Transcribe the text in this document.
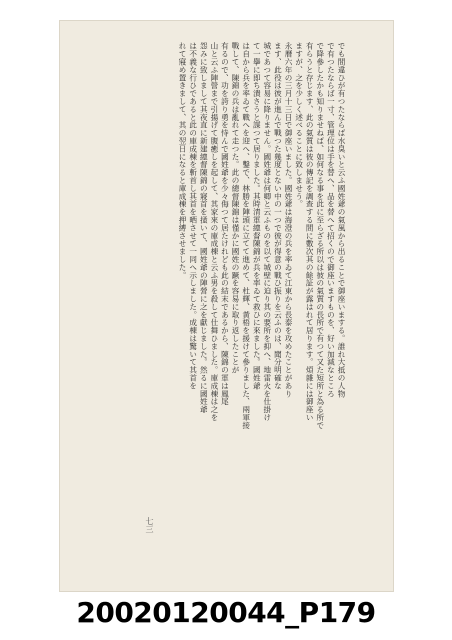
七三
でも間違ひが有つたならば水臭いと云ふ國姓爺の氣風から出ることで御座いまする。誰れ大抵の人物
で有つたならば一寸、管理位は手を替へ、品を替へて招くので御座いますものを、好い加減なところ
で降參したかも知りませねば、如何なる事を此に至らざる所以は彼の氣質の長所で有つて又た短所と為る所で
有らうと存じます、此の氣質は彼の傳記を調查する間に數次其の餘証が露はれて居ります。煩雜には御座い
ますが、之を少しく述べることに致しませう。
永曆六年の三月十三日で御座いました。國姓爺は海澄の兵を率ゐて江東から長泰を攻めたことがあり
ます、此役は彼が進んで戰つた幾度とない中の一つで彼が得意の戰ひ振りを云ふのは、聞分明確な
城であつて容易に降りません。國姓爺は何卿と云ふものを以て城壁に迫り其の要所を抑へ、地雷火を仕掛け
て一擧に即ち潰さうと謀つて居りました。其時清軍總督陳錦が兵を率ゐて救ひに來ました。國姓爺
は自から兵を率ゐて戰へを迎へ、鑿で、林勝を陣頭に立てて進めて、杜輝、黃梧を援けて參りました、兩軍接
戰して、陳錦の兵は亂れて走つた。此の總督陳錦は僅かに國姓の蹶を容易に取り返したことが
有るので、功を誇り勇を恃んで國姓爺を少々侮つて居たけれども此の結末であるから、陳錦の軍は鳳尾
山と云ふ陣營まで引揚げて腹癒しを起して、其家來の庫成棟と云ふ男を殺して仕舞ひました。庫成棟は之を
怨みに致しまして其夜直に新建總督陳錦の寢首を掻いて、國姓爺の陣營に之を獻じました。然るに國姓爺
は不義な行ひであると此の庫成棟を斬首し其首を晒させて一同へ示しました。成棟は驚いて其首を
れて寢め置きまして、其の翌日になると庫成棟を押縛させました。
20020120044_P179
